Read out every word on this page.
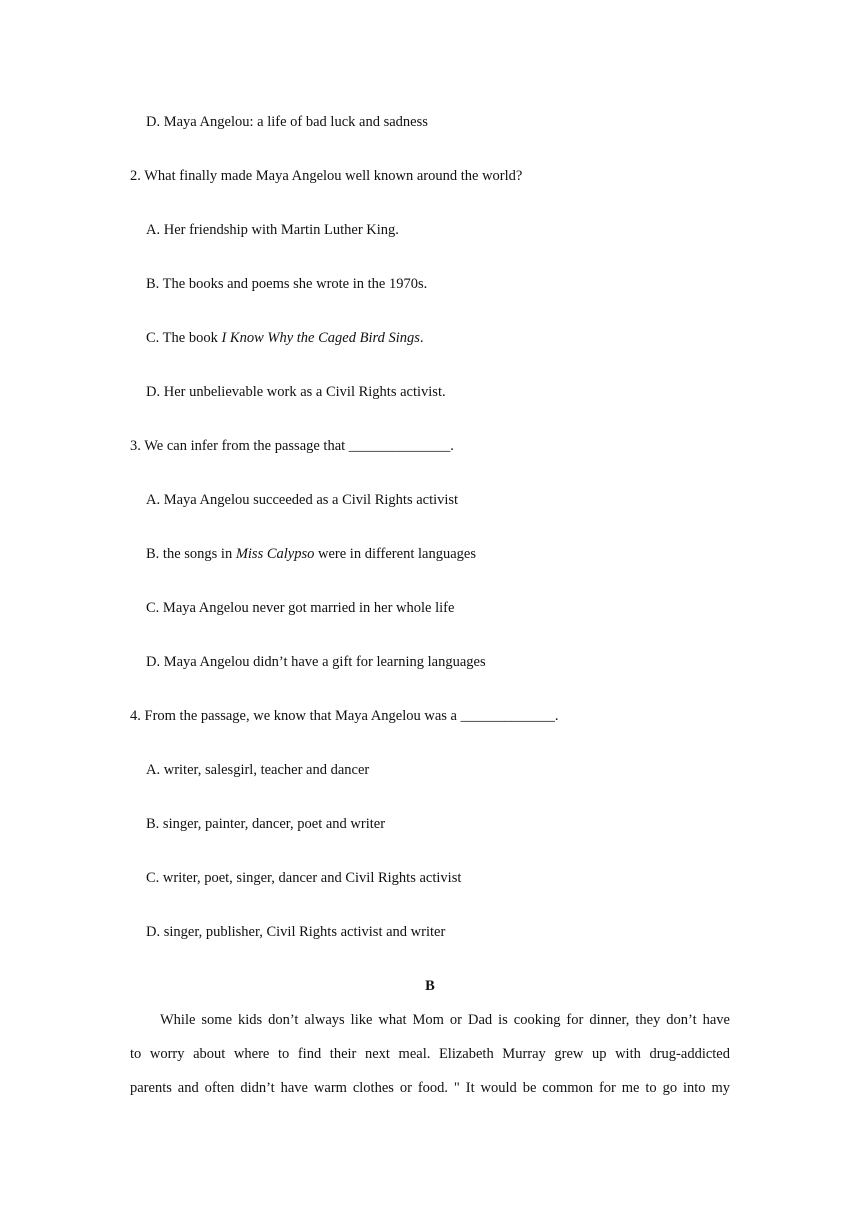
D. Maya Angelou: a life of bad luck and sadness
2. What finally made Maya Angelou well known around the world?
A. Her friendship with Martin Luther King.
B. The books and poems she wrote in the 1970s.
C. The book I Know Why the Caged Bird Sings.
D. Her unbelievable work as a Civil Rights activist.
3. We can infer from the passage that ______________.
A. Maya Angelou succeeded as a Civil Rights activist
B. the songs in Miss Calypso were in different languages
C. Maya Angelou never got married in her whole life
D. Maya Angelou didn’t have a gift for learning languages
4. From the passage, we know that Maya Angelou was a _____________.
A. writer, salesgirl, teacher and dancer
B. singer, painter, dancer, poet and writer
C. writer, poet, singer, dancer and Civil Rights activist
D. singer, publisher, Civil Rights activist and writer
B
While some kids don’t always like what Mom or Dad is cooking for dinner, they don’t have
to worry about where to find their next meal. Elizabeth Murray grew up with drug-addicted
parents and often didn’t have warm clothes or food. " It would be common for me to go into my
